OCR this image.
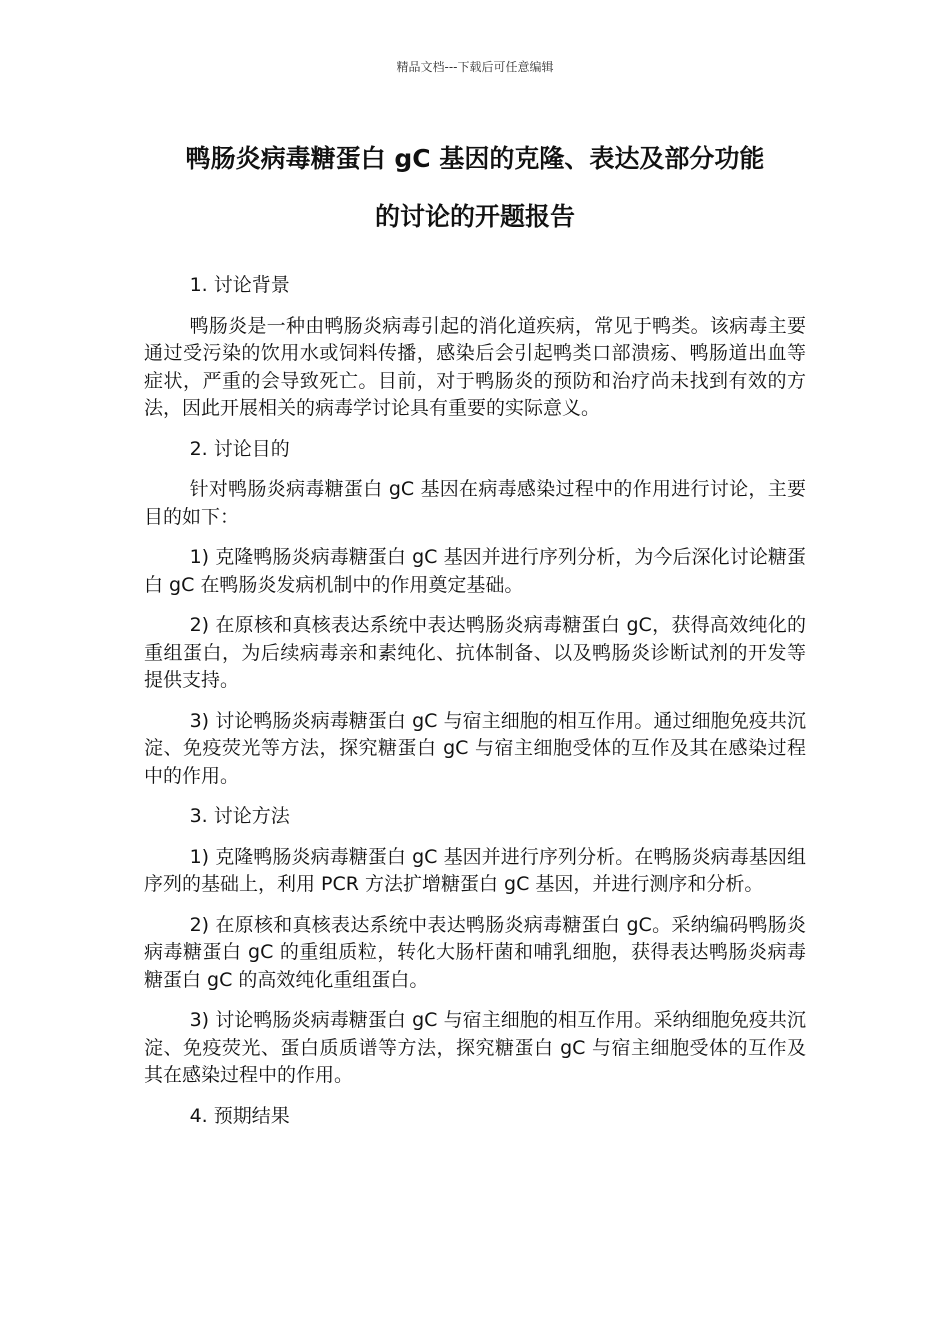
精品文档---下载后可任意编辑
鸭肠炎病毒糖蛋白 gC 基因的克隆、表达及部分功能
的讨论的开题报告

1. 讨论背景

鸭肠炎是一种由鸭肠炎病毒引起的消化道疾病，常见于鸭类。该病毒主要通过受污染的饮用水或饲料传播，感染后会引起鸭类口部溃疡、鸭肠道出血等症状，严重的会导致死亡。目前，对于鸭肠炎的预防和治疗尚未找到有效的方法，因此开展相关的病毒学讨论具有重要的实际意义。

2. 讨论目的

针对鸭肠炎病毒糖蛋白 gC 基因在病毒感染过程中的作用进行讨论，主要目的如下：

1) 克隆鸭肠炎病毒糖蛋白 gC 基因并进行序列分析，为今后深化讨论糖蛋白 gC 在鸭肠炎发病机制中的作用奠定基础。

2) 在原核和真核表达系统中表达鸭肠炎病毒糖蛋白 gC，获得高效纯化的重组蛋白，为后续病毒亲和素纯化、抗体制备、以及鸭肠炎诊断试剂的开发等提供支持。

3) 讨论鸭肠炎病毒糖蛋白 gC 与宿主细胞的相互作用。通过细胞免疫共沉淀、免疫荧光等方法，探究糖蛋白 gC 与宿主细胞受体的互作及其在感染过程中的作用。

3. 讨论方法

1) 克隆鸭肠炎病毒糖蛋白 gC 基因并进行序列分析。在鸭肠炎病毒基因组序列的基础上，利用 PCR 方法扩增糖蛋白 gC 基因，并进行测序和分析。

2) 在原核和真核表达系统中表达鸭肠炎病毒糖蛋白 gC。采纳编码鸭肠炎病毒糖蛋白 gC 的重组质粒，转化大肠杆菌和哺乳细胞，获得表达鸭肠炎病毒糖蛋白 gC 的高效纯化重组蛋白。

3) 讨论鸭肠炎病毒糖蛋白 gC 与宿主细胞的相互作用。采纳细胞免疫共沉淀、免疫荧光、蛋白质质谱等方法，探究糖蛋白 gC 与宿主细胞受体的互作及其在感染过程中的作用。

4. 预期结果
